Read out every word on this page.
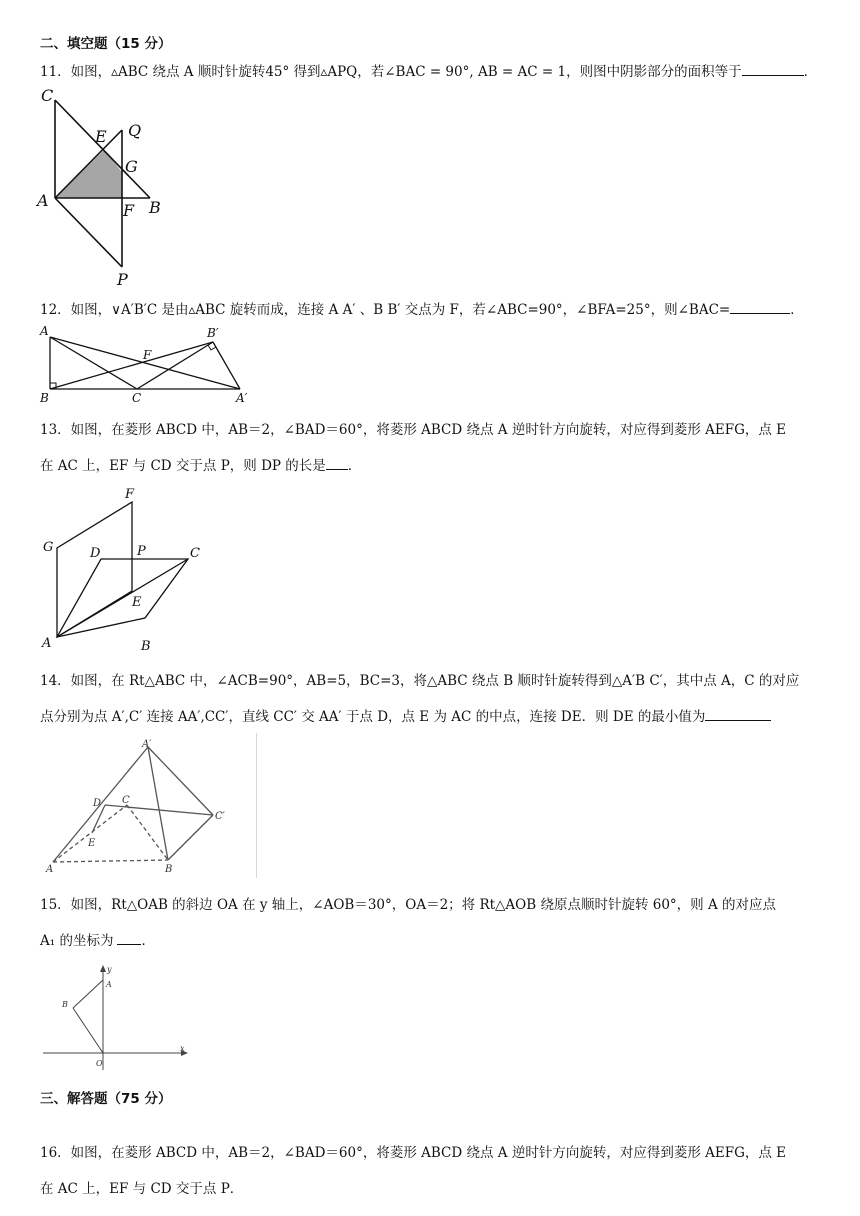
二、填空题（15 分）
11．如图，▵ABC 绕点 A 顺时针旋转45° 得到▵APQ，若∠BAC = 90°, AB = AC = 1，则图中阴影部分的面积等于	．
C
E Q
G
A
F B
P
12．如图，∨A′B′C 是由▵ABC 旋转而成，连接 A A′ 、B B′ 交点为 F，若∠ABC=90°，∠BFA=25°，则∠BAC=	．
A	B′
F
B	C	A′
13．如图，在菱形 ABCD 中，AB＝2，∠BAD＝60°，将菱形 ABCD 绕点 A 逆时针方向旋转，对应得到菱形 AEFG，点 E
在 AC 上，EF 与 CD 交于点 P，则 DP 的长是 ．
F
G	D	P	C
E
A	B
14．如图，在 Rt△ABC 中，∠ACB=90°，AB=5，BC=3，将△ABC 绕点 B 顺时针旋转得到△A′B C′，其中点 A，C 的对应
点分别为点 A′,C′ 连接 AA′,CC′，直线 CC′ 交 AA′ 于点 D，点 E 为 AC 的中点，连接 DE．则 DE 的最小值为
A′
D C
C′
E
A	B
15．如图，Rt△OAB 的斜边 OA 在 y 轴上，∠AOB＝30°，OA＝2；将 Rt△AOB 绕原点顺时针旋转 60°，则 A 的对应点
A₁ 的坐标为 ．
y
A
B
x
O
三、解答题（75 分）
16．如图，在菱形 ABCD 中，AB＝2，∠BAD＝60°，将菱形 ABCD 绕点 A 逆时针方向旋转，对应得到菱形 AEFG，点 E
在 AC 上，EF 与 CD 交于点 P．
